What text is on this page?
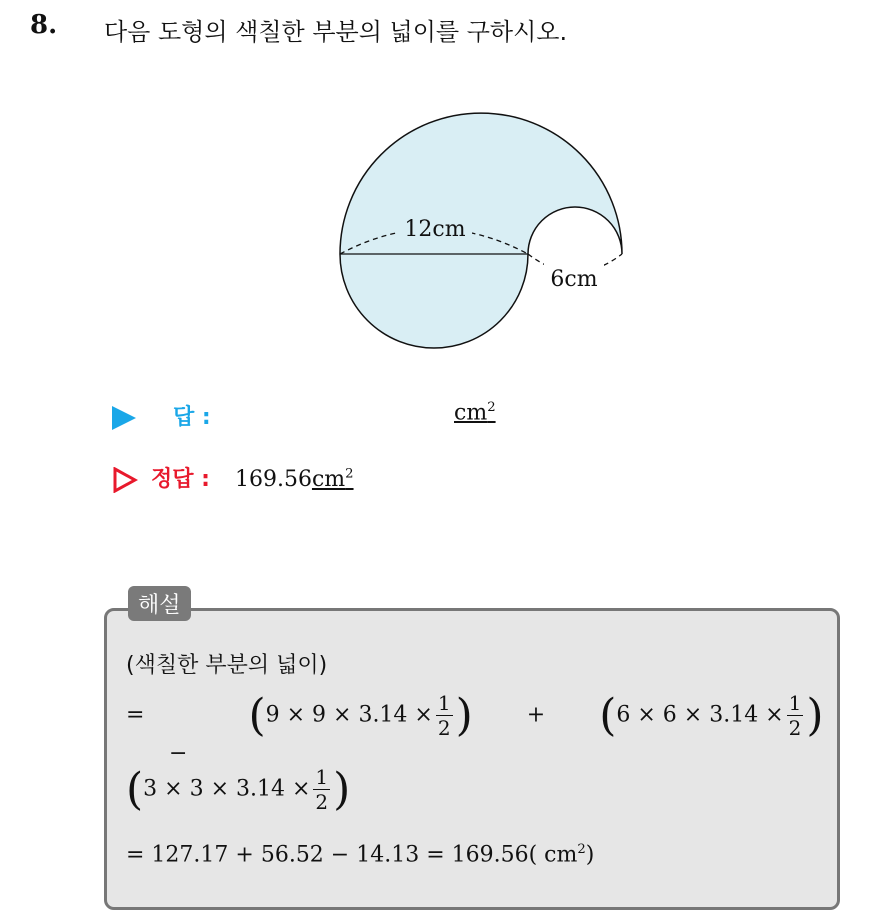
8. 다음 도형의 색칠한 부분의 넓이를 구하시오.
12cm
6cm
답 :	$cm^2$
정답 : $169.56cm^2$
해설
(색칠한 부분의 넓이)
= ($9 \times 9 \times 3.14 \times \frac{1}{2}$ ) + ($6 \times 6 \times 3.14 \times \frac{1}{2}$ )  −
($3 \times 3 \times 3.14 \times \frac{1}{2}$ )
= 127.17 + 56.52 − 14.13 = 169.56( $cm^2$)
